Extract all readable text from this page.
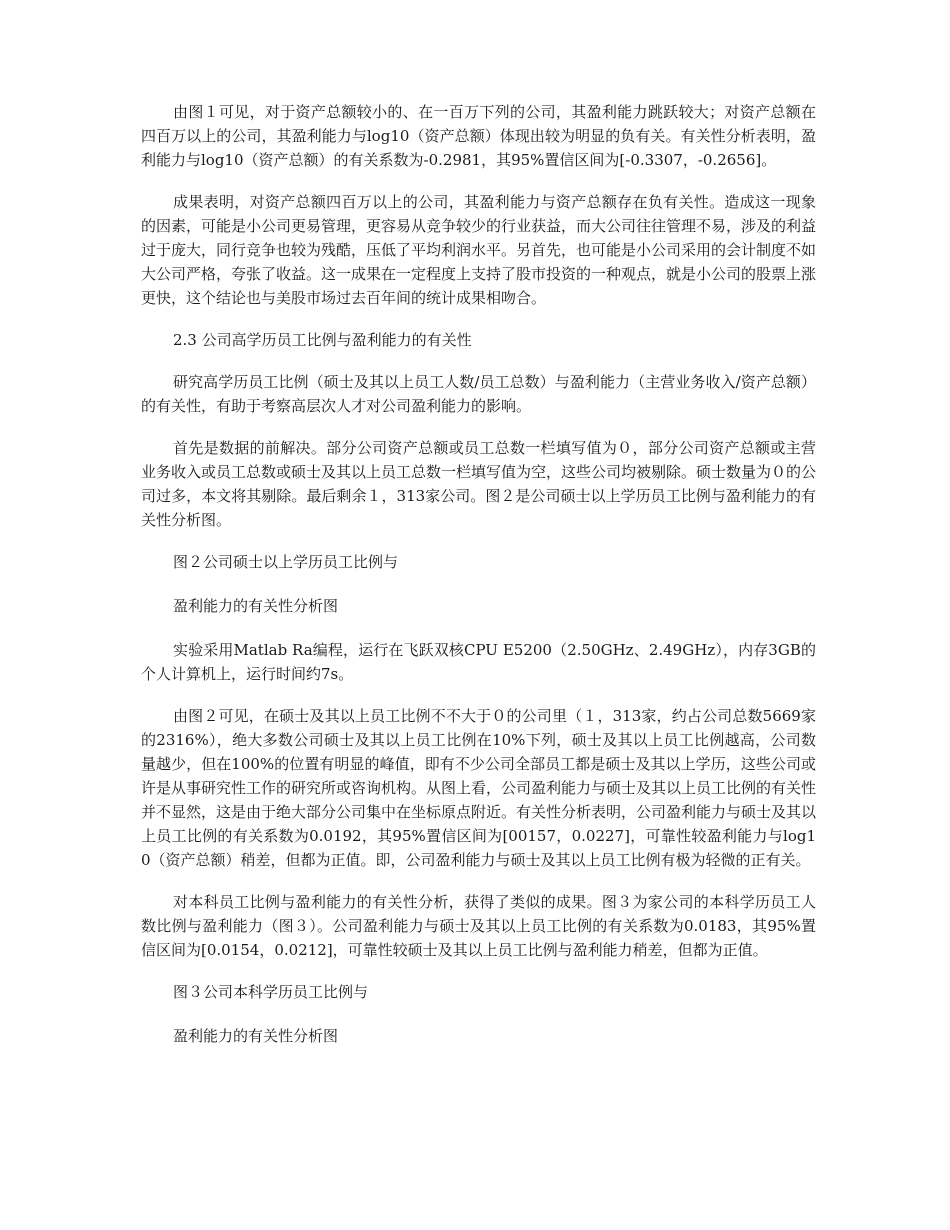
由图１可见，对于资产总额较小的、在一百万下列的公司，其盈利能力跳跃较大；对资产总额在四百万以上的公司，其盈利能力与log10（资产总额）体现出较为明显的负有关。有关性分析表明，盈利能力与log10（资产总额）的有关系数为-0.2981，其95%置信区间为[-0.3307，-0.2656]。

成果表明，对资产总额四百万以上的公司，其盈利能力与资产总额存在负有关性。造成这一现象的因素，可能是小公司更易管理，更容易从竞争较少的行业获益，而大公司往往管理不易，涉及的利益过于庞大，同行竞争也较为残酷，压低了平均利润水平。另首先，也可能是小公司采用的会计制度不如大公司严格，夸张了收益。这一成果在一定程度上支持了股市投资的一种观点，就是小公司的股票上涨更快，这个结论也与美股市场过去百年间的统计成果相吻合。

2.3 公司高学历员工比例与盈利能力的有关性

研究高学历员工比例（硕士及其以上员工人数/员工总数）与盈利能力（主营业务收入/资产总额）的有关性，有助于考察高层次人才对公司盈利能力的影响。

首先是数据的前解决。部分公司资产总额或员工总数一栏填写值为０，部分公司资产总额或主营业务收入或员工总数或硕士及其以上员工总数一栏填写值为空，这些公司均被剔除。硕士数量为０的公司过多，本文将其剔除。最后剩余１，313家公司。图２是公司硕士以上学历员工比例与盈利能力的有关性分析图。

图２公司硕士以上学历员工比例与

盈利能力的有关性分析图

实验采用Matlab Ra编程，运行在飞跃双核CPU E5200（2.50GHz、2.49GHz），内存3GB的个人计算机上，运行时间约7s。

由图２可见，在硕士及其以上员工比例不不大于０的公司里（１，313家，约占公司总数5669家的2316%），绝大多数公司硕士及其以上员工比例在10%下列，硕士及其以上员工比例越高，公司数量越少，但在100%的位置有明显的峰值，即有不少公司全部员工都是硕士及其以上学历，这些公司或许是从事研究性工作的研究所或咨询机构。从图上看，公司盈利能力与硕士及其以上员工比例的有关性并不显然，这是由于绝大部分公司集中在坐标原点附近。有关性分析表明，公司盈利能力与硕士及其以上员工比例的有关系数为0.0192，其95%置信区间为[00157，0.0227]，可靠性较盈利能力与log10（资产总额）稍差，但都为正值。即，公司盈利能力与硕士及其以上员工比例有极为轻微的正有关。

对本科员工比例与盈利能力的有关性分析，获得了类似的成果。图３为家公司的本科学历员工人数比例与盈利能力（图３）。公司盈利能力与硕士及其以上员工比例的有关系数为0.0183，其95%置信区间为[0.0154，0.0212]，可靠性较硕士及其以上员工比例与盈利能力稍差，但都为正值。

图３公司本科学历员工比例与

盈利能力的有关性分析图
